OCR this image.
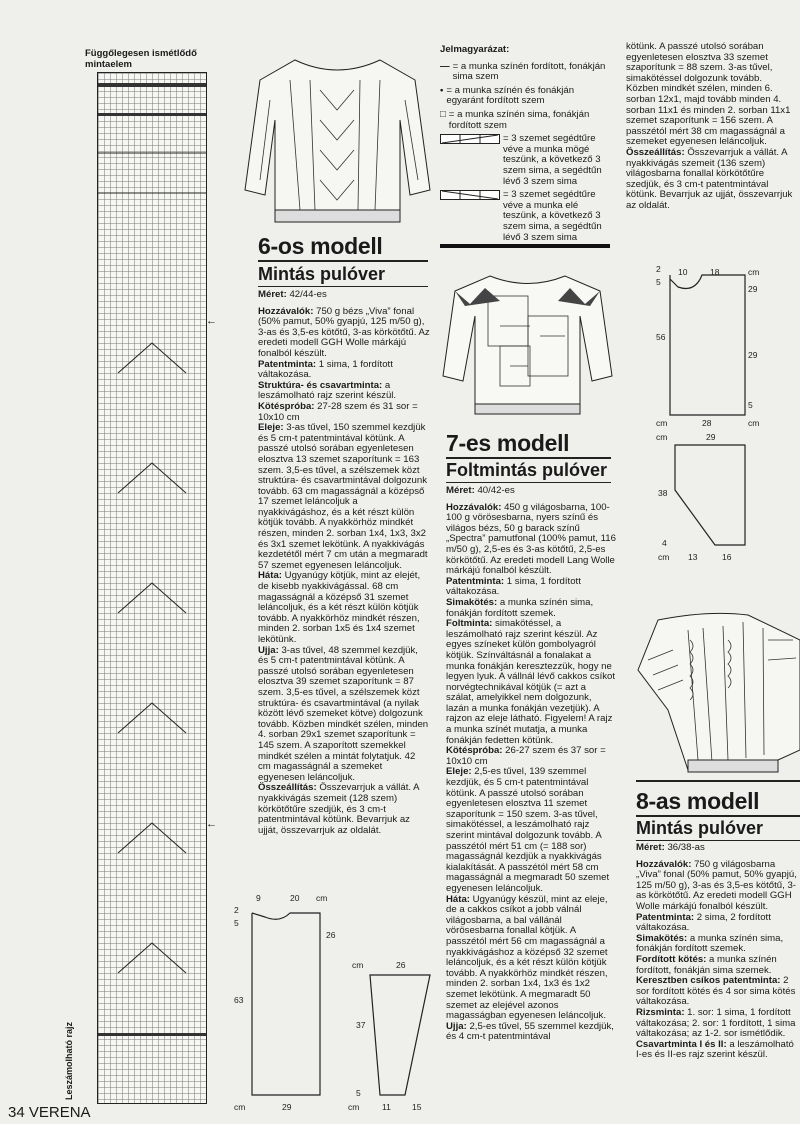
Függőlegesen ismétlődő
mintaelem
Leszámolható rajz
←
←
6-os modell
Mintás pulóver

Méret: 42/44-es

Hozzávalók: 750 g bézs „Viva” fonal (50% pamut, 50% gyapjú, 125 m/50 g), 3-as és 3,5-es kötőtű, 3-as körkötőtű. Az eredeti modell GGH Wolle márkájú fonalból készült.

Patentminta: 1 sima, 1 fordított váltakozása.

Struktúra- és csavartminta: a leszámolható rajz szerint készül.

Kötéspróba: 27-28 szem és 31 sor = 10x10 cm

Eleje: 3-as tűvel, 150 szemmel kezdjük és 5 cm-t patentmintával kötünk. A passzé utolsó sorában egyenletesen elosztva 13 szemet szaporítunk = 163 szem. 3,5-es tűvel, a szélszemek közt struktúra- és csavartmintával dolgozunk tovább. 63 cm magasságnál a középső 17 szemet leláncoljuk a nyakkivágáshoz, és a két részt külön kötjük tovább. A nyakkörhöz mindkét részen, minden 2. sorban 1x4, 1x3, 3x2 és 3x1 szemet lekötünk. A nyakkivágás kezdetétől mért 7 cm után a megmaradt 57 szemet egyenesen leláncoljuk.

Háta: Ugyanúgy kötjük, mint az elejét, de kisebb nyakkivágással. 68 cm magasságnál a középső 31 szemet leláncoljuk, és a két részt külön kötjük tovább. A nyakkörhöz mindkét részen, minden 2. sorban 1x5 és 1x4 szemet lekötünk.

Ujja: 3-as tűvel, 48 szemmel kezdjük, és 5 cm-t patentmintával kötünk. A passzé utolsó sorában egyenletesen elosztva 39 szemet szaporítunk = 87 szem. 3,5-es tűvel, a szélszemek közt struktúra- és csavartmintával (a nyilak között lévő szemeket kötve) dolgozunk tovább. Közben mindkét szélen, minden 4. sorban 29x1 szemet szaporítunk = 145 szem. A szaporított szemekkel mindkét szélen a mintát folytatjuk. 42 cm magasságnál a szemeket egyenesen leláncoljuk.

Összeállítás: Összevarrjuk a vállát. A nyakkivágás szemeit (128 szem) körkötőtűre szedjük, és 3 cm-t patentmintával kötünk. Bevarrjuk az ujját, összevarrjuk az oldalát.

9	20 cm
2
5
26
63
cm	29
cm	26
37
5
cm	11 15

Jelmagyarázat:

— = a munka színén fordított, fonákján sima szem
• = a munka színén és fonákján egyaránt fordított szem
□ = a munka színén sima, fonákján fordított szem
= 3 szemet segédtűre véve a munka mögé teszünk, a következő 3 szem sima, a segédtűn lévő 3 szem sima
= 3 szemet segédtűre véve a munka elé teszünk, a következő 3 szem sima, a segédtűn lévő 3 szem sima
7-es modell
Foltmintás pulóver

Méret: 40/42-es

Hozzávalók: 450 g világosbarna, 100-100 g vörösesbarna, nyers színű és világos bézs, 50 g barack színű „Spectra” pamutfonal (100% pamut, 116 m/50 g), 2,5-es és 3-as kötőtű, 2,5-es körkötőtű. Az eredeti modell Lang Wolle márkájú fonalból készült.

Patentminta: 1 sima, 1 fordított váltakozása.

Simakötés: a munka színén sima, fonákján fordított szemek.

Foltminta: simakötéssel, a leszámolható rajz szerint készül. Az egyes színeket külön gombolyagról kötjük. Színváltásnál a fonalakat a munka fonákján keresztezzük, hogy ne legyen lyuk. A vállnál lévő cakkos csíkot norvégtechnikával kötjük (= azt a szálat, amelyikkel nem dolgozunk, lazán a munka fonákján vezetjük). A rajzon az eleje látható. Figyelem! A rajz a munka színét mutatja, a munka fonákján fedetten kötünk.

Kötéspróba: 26-27 szem és 37 sor = 10x10 cm

Eleje: 2,5-es tűvel, 139 szemmel kezdjük, és 5 cm-t patentmintával kötünk. A passzé utolsó sorában egyenletesen elosztva 11 szemet szaporítunk = 150 szem. 3-as tűvel, simakötéssel, a leszámolható rajz szerint mintával dolgozunk tovább. A passzétól mért 51 cm (= 188 sor) magasságnál kezdjük a nyakkivágás kialakítását. A passzétól mért 58 cm magasságnál a megmaradt 50 szemet egyenesen leláncoljuk.

Háta: Ugyanúgy készül, mint az eleje, de a cakkos csíkot a jobb válnál világosbarna, a bal vállánál vörösesbarna fonallal kötjük. A passzétól mért 56 cm magasságnál a nyakkivágáshoz a középső 32 szemet leláncoljuk, és a két részt külön kötjük tovább. A nyakkörhöz mindkét részen, minden 2. sorban 1x4, 1x3 és 1x2 szemet lekötünk. A megmaradt 50 szemet az elejével azonos magasságban egyenesen leláncoljuk.

Ujja: 2,5-es tűvel, 55 szemmel kezdjük, és 4 cm-t patentmintával

kötünk. A passzé utolsó sorában egyenletesen elosztva 33 szemet szaporítunk = 88 szem. 3-as tűvel, simakötéssel dolgozunk tovább. Közben mindkét szélen, minden 6. sorban 12x1, majd tovább minden 4. sorban 11x1 és minden 2. sorban 11x1 szemet szaporítunk = 156 szem. A passzétól mért 38 cm magasságnál a szemeket egyenesen leláncoljuk.

Összeállítás: Összevarrjuk a vállát. A nyakkivágás szemeit (136 szem) világosbarna fonallal körkötőtűre szedjük, és 3 cm-t patentmintával kötünk. Bevarrjuk az ujját, összevarrjuk az oldalát.

10	18	cm
2
5
29
56
29
5
cm	28	cm
cm	29
38
4
cm 13	16
8-as modell
Mintás pulóver

Méret: 36/38-as

Hozzávalók: 750 g világosbarna „Viva” fonal (50% pamut, 50% gyapjú, 125 m/50 g), 3-as és 3,5-es kötőtű, 3-as körkötőtű. Az eredeti modell GGH Wolle márkájú fonalból készült.

Patentminta: 2 sima, 2 fordított váltakozása.

Simakötés: a munka színén sima, fonákján fordított szemek.

Fordított kötés: a munka színén fordított, fonákján sima szemek.

Keresztben csíkos patentminta: 2 sor fordított kötés és 4 sor sima kötés váltakozása.

Rizsminta: 1. sor: 1 sima, 1 fordított váltakozása; 2. sor: 1 fordított, 1 sima váltakozása; az 1-2. sor ismétlődik.

Csavartminta I és II: a leszámolható I-es és II-es rajz szerint készül.

34 VERENA
